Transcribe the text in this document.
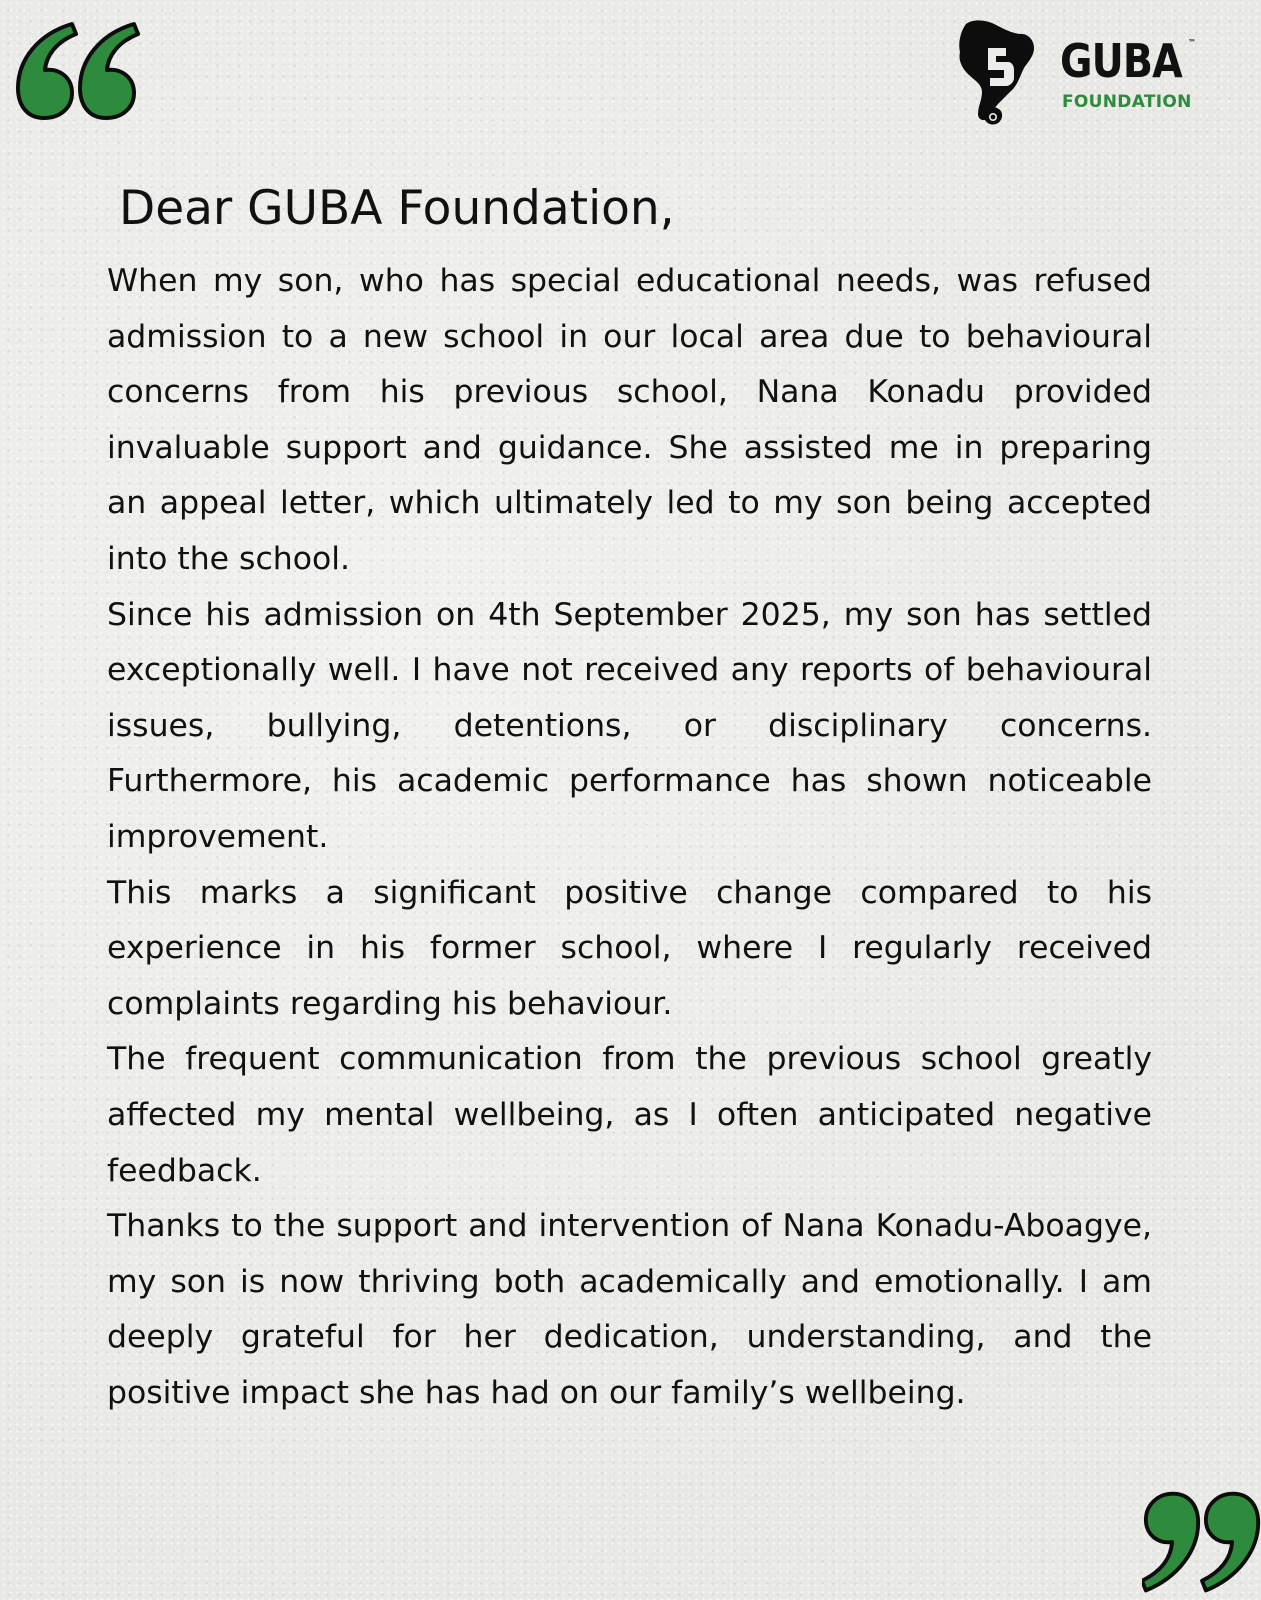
GUBA ™
FOUNDATION
Dear GUBA Foundation,

When my son, who has special educational needs, was refused admission to a new school in our local area due to behavioural concerns from his previous school, Nana Konadu provided invaluable support and guidance. She assisted me in preparing an appeal letter, which ultimately led to my son being accepted into the school.

Since his admission on 4th September 2025, my son has settled exceptionally well. I have not received any reports of behavioural issues, bullying, detentions, or disciplinary concerns. Furthermore, his academic performance has shown noticeable improvement.

This marks a significant positive change compared to his experience in his former school, where I regularly received complaints regarding his behaviour.

The frequent communication from the previous school greatly affected my mental wellbeing, as I often anticipated negative feedback.

Thanks to the support and intervention of Nana Konadu-Aboagye, my son is now thriving both academically and emotionally. I am deeply grateful for her dedication, understanding, and the positive impact she has had on our family’s wellbeing.
